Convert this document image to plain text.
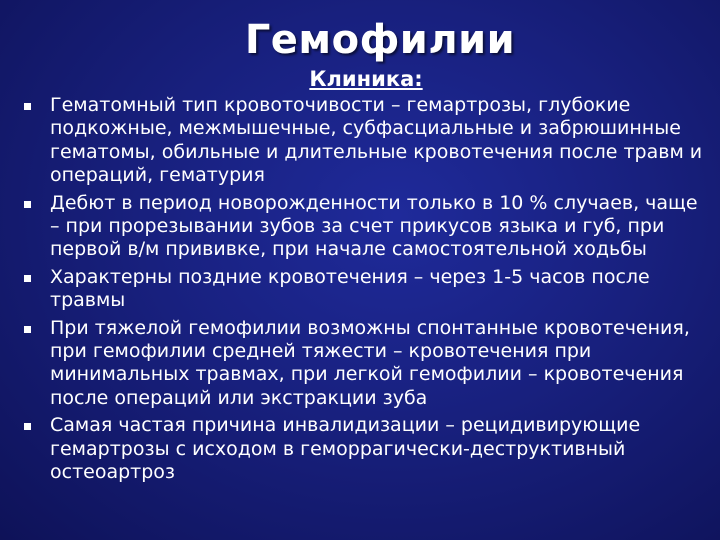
Гемофилии
Клиника:
Гематомный тип кровоточивости – гемартрозы, глубокие подкожные, межмышечные, субфасциальные и забрюшинные гематомы, обильные и длительные кровотечения после травм и операций, гематурия
Дебют в период новорожденности только в 10 % случаев, чаще – при прорезывании зубов за счет прикусов языка и губ, при первой в/м прививке, при начале самостоятельной ходьбы
Характерны поздние кровотечения – через 1-5 часов после травмы
При тяжелой гемофилии возможны спонтанные кровотечения, при гемофилии средней тяжести – кровотечения при минимальных травмах, при легкой гемофилии – кровотечения после операций или экстракции зуба
Самая частая причина инвалидизации – рецидивирующие гемартрозы с исходом в геморрагически-деструктивный остеоартроз
